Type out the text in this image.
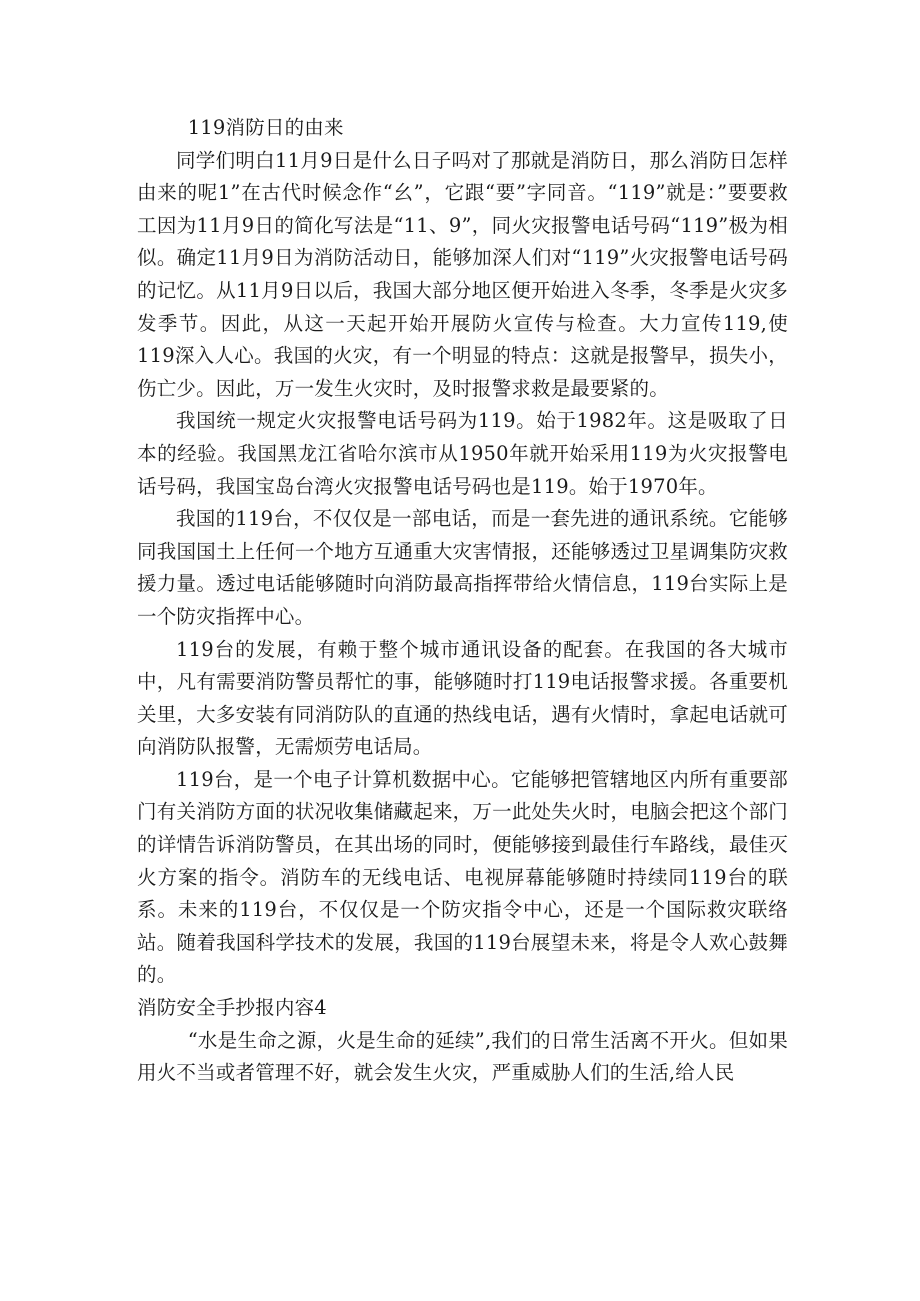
119消防日的由来

同学们明白11月9日是什么日子吗对了那就是消防日，那么消防日怎样由来的呢1”在古代时候念作“幺”，它跟“要”字同音。“119”就是：”要要救工因为11月9日的简化写法是“11、9”，同火灾报警电话号码“119”极为相似。确定11月9日为消防活动日，能够加深人们对“119”火灾报警电话号码的记忆。从11月9日以后，我国大部分地区便开始进入冬季，冬季是火灾多发季节。因此，从这一天起开始开展防火宣传与检查。大力宣传119,使119深入人心。我国的火灾，有一个明显的特点：这就是报警早，损失小，伤亡少。因此，万一发生火灾时，及时报警求救是最要紧的。

我国统一规定火灾报警电话号码为119。始于1982年。这是吸取了日本的经验。我国黑龙江省哈尔滨市从1950年就开始采用119为火灾报警电话号码，我国宝岛台湾火灾报警电话号码也是119。始于1970年。

我国的119台，不仅仅是一部电话，而是一套先进的通讯系统。它能够同我国国土上任何一个地方互通重大灾害情报，还能够透过卫星调集防灾救援力量。透过电话能够随时向消防最高指挥带给火情信息，119台实际上是一个防灾指挥中心。

119台的发展，有赖于整个城市通讯设备的配套。在我国的各大城市中，凡有需要消防警员帮忙的事，能够随时打119电话报警求援。各重要机关里，大多安装有同消防队的直通的热线电话，遇有火情时，拿起电话就可向消防队报警，无需烦劳电话局。

119台，是一个电子计算机数据中心。它能够把管辖地区内所有重要部门有关消防方面的状况收集储藏起来，万一此处失火时，电脑会把这个部门的详情告诉消防警员，在其出场的同时，便能够接到最佳行车路线，最佳灭火方案的指令。消防车的无线电话、电视屏幕能够随时持续同119台的联系。未来的119台，不仅仅是一个防灾指令中心，还是一个国际救灾联络站。随着我国科学技术的发展，我国的119台展望未来，将是令人欢心鼓舞的。

消防安全手抄报内容4

“水是生命之源，火是生命的延续”,我们的日常生活离不开火。但如果用火不当或者管理不好，就会发生火灾，严重威胁人们的生活,给人民
